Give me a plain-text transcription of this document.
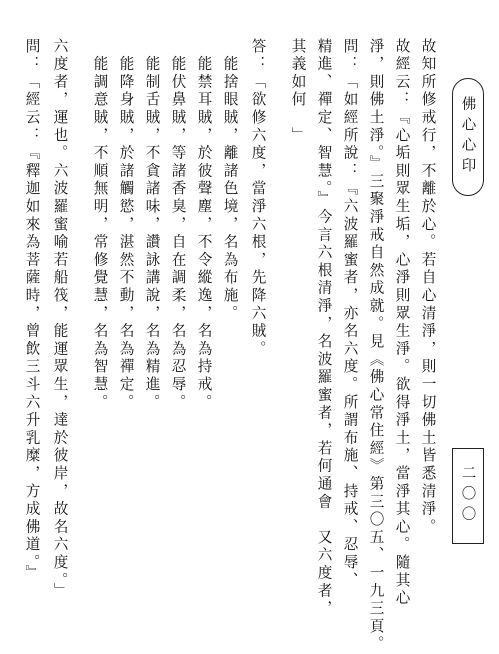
佛心心印
二〇〇
故知所修戒行，不離於心。若自心清淨，則一切佛土皆悉清淨。
故經云：『心垢則眾生垢，心淨則眾生淨。欲得淨土，當淨其心。隨其心
淨，則佛土淨。』三聚淨戒自然成就。見《佛心常住經》第三〇五、一九三頁。
問：「如經所說：『六波羅蜜者，亦名六度。所謂布施、持戒、忍辱、
精進、禪定、智慧。』今言六根清淨，名波羅蜜者，若何通會　又六度者，
其義如何　」
答：「欲修六度，當淨六根，先降六賊。
　能捨眼賊，離諸色境，名為布施。
　能禁耳賊，於彼聲塵，不令縱逸，名為持戒。
　能伏鼻賊，等諸香臭，自在調柔，名為忍辱。
　能制舌賊，不貪諸味，讚詠講說，名為精進。
　能降身賊，於諸觸慾，湛然不動，名為禪定。
　能調意賊，不順無明，常修覺慧，名為智慧。
六度者，運也。六波羅蜜喻若船筏，能運眾生，達於彼岸，故名六度。」
問：「經云：『釋迦如來為菩薩時，曾飲三斗六升乳糜，方成佛道。』
